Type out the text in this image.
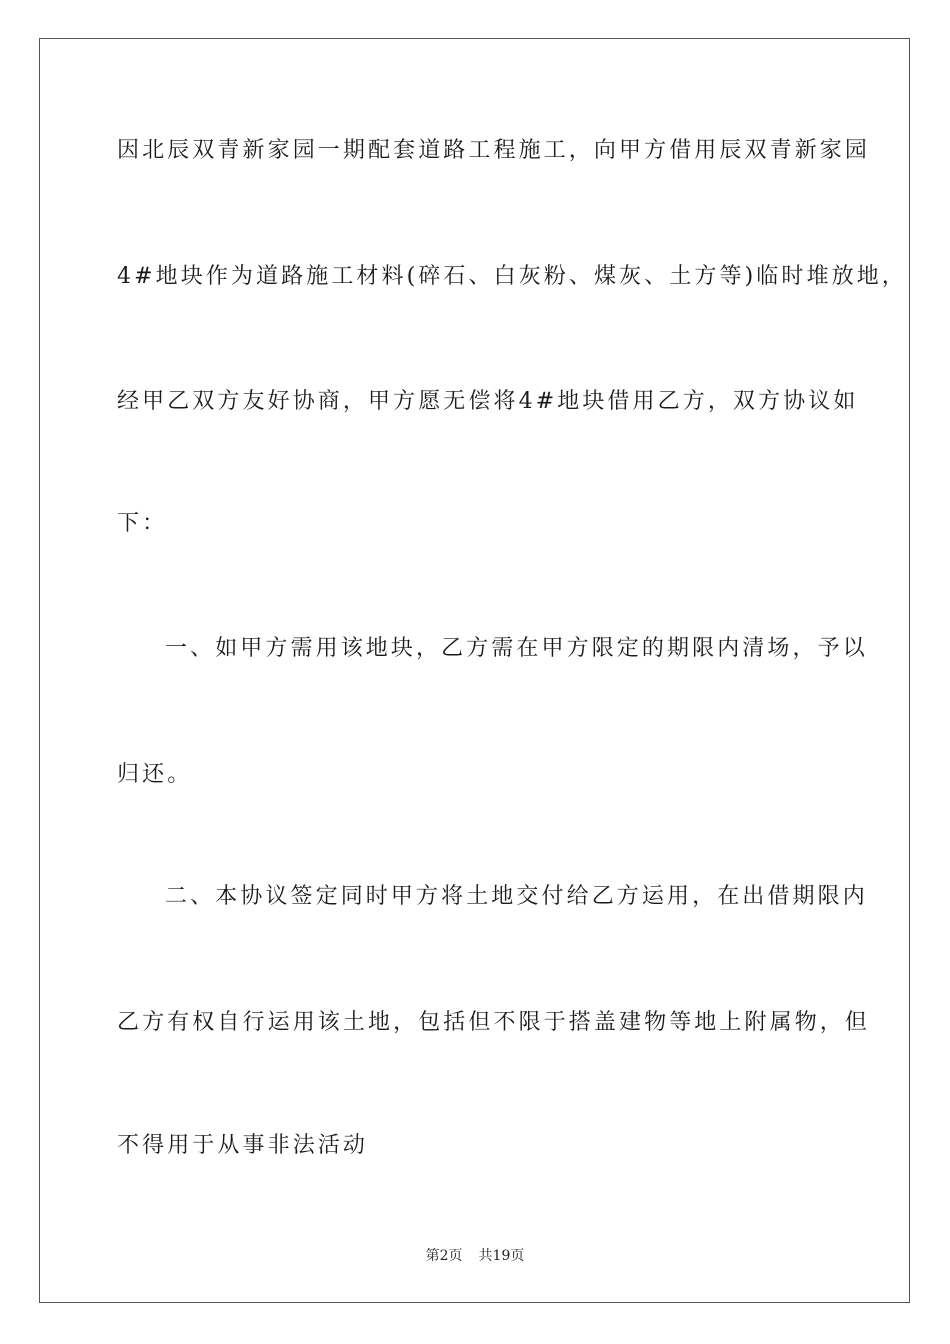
因北辰双青新家园一期配套道路工程施工，向甲方借用辰双青新家园

4#地块作为道路施工材料(碎石、白灰粉、煤灰、土方等)临时堆放地，

经甲乙双方友好协商，甲方愿无偿将4#地块借用乙方，双方协议如

下：

一、如甲方需用该地块，乙方需在甲方限定的期限内清场，予以

归还。

二、本协议签定同时甲方将土地交付给乙方运用，在出借期限内

乙方有权自行运用该土地，包括但不限于搭盖建物等地上附属物，但

不得用于从事非法活动

第2页 共19页
